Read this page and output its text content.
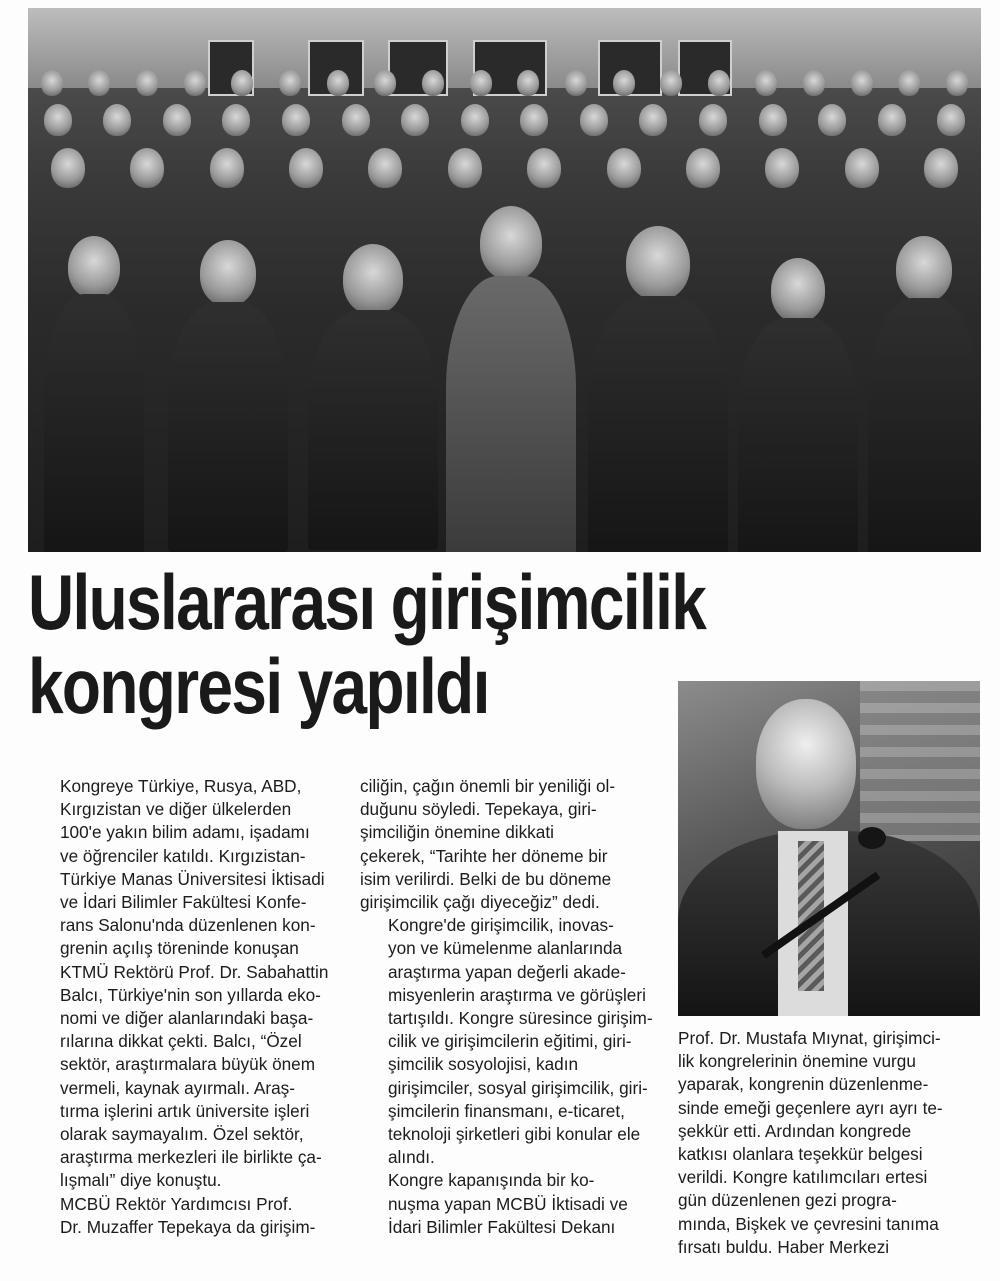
Uluslararası girişimcilik
kongresi yapıldı

Kongreye Türkiye, Rusya, ABD,
Kırgızistan ve diğer ülkelerden
100'e yakın bilim adamı, işadamı
ve öğrenciler katıldı. Kırgızistan-
Türkiye Manas Üniversitesi İktisadi
ve İdari Bilimler Fakültesi Konfe-
rans Salonu'nda düzenlenen kon-
grenin açılış töreninde konuşan
KTMÜ Rektörü Prof. Dr. Sabahattin
Balcı, Türkiye'nin son yıllarda eko-
nomi ve diğer alanlarındaki başa-
rılarına dikkat çekti. Balcı, “Özel
sektör, araştırmalara büyük önem
vermeli, kaynak ayırmalı. Araş-
tırma işlerini artık üniversite işleri
olarak saymayalım. Özel sektör,
araştırma merkezleri ile birlikte ça-
lışmalı” diye konuştu.

MCBÜ Rektör Yardımcısı Prof.
Dr. Muzaffer Tepekaya da girişim-

ciliğin, çağın önemli bir yeniliği ol-
duğunu söyledi. Tepekaya, giri-
şimciliğin önemine dikkati
çekerek, “Tarihte her döneme bir
isim verilirdi. Belki de bu döneme
girişimcilik çağı diyeceğiz” dedi.

Kongre'de girişimcilik, inovas-
yon ve kümelenme alanlarında
araştırma yapan değerli akade-
misyenlerin araştırma ve görüşleri
tartışıldı. Kongre süresince girişim-
cilik ve girişimcilerin eğitimi, giri-
şimcilik sosyolojisi, kadın
girişimciler, sosyal girişimcilik, giri-
şimcilerin finansmanı, e-ticaret,
teknoloji şirketleri gibi konular ele
alındı.

Kongre kapanışında bir ko-
nuşma yapan MCBÜ İktisadi ve
İdari Bilimler Fakültesi Dekanı

Prof. Dr. Mustafa Mıynat, girişimci-
lik kongrelerinin önemine vurgu
yaparak, kongrenin düzenlenme-
sinde emeği geçenlere ayrı ayrı te-
şekkür etti. Ardından kongrede
katkısı olanlara teşekkür belgesi
verildi. Kongre katılımcıları ertesi
gün düzenlenen gezi progra-
mında, Bişkek ve çevresini tanıma
fırsatı buldu. Haber Merkezi
